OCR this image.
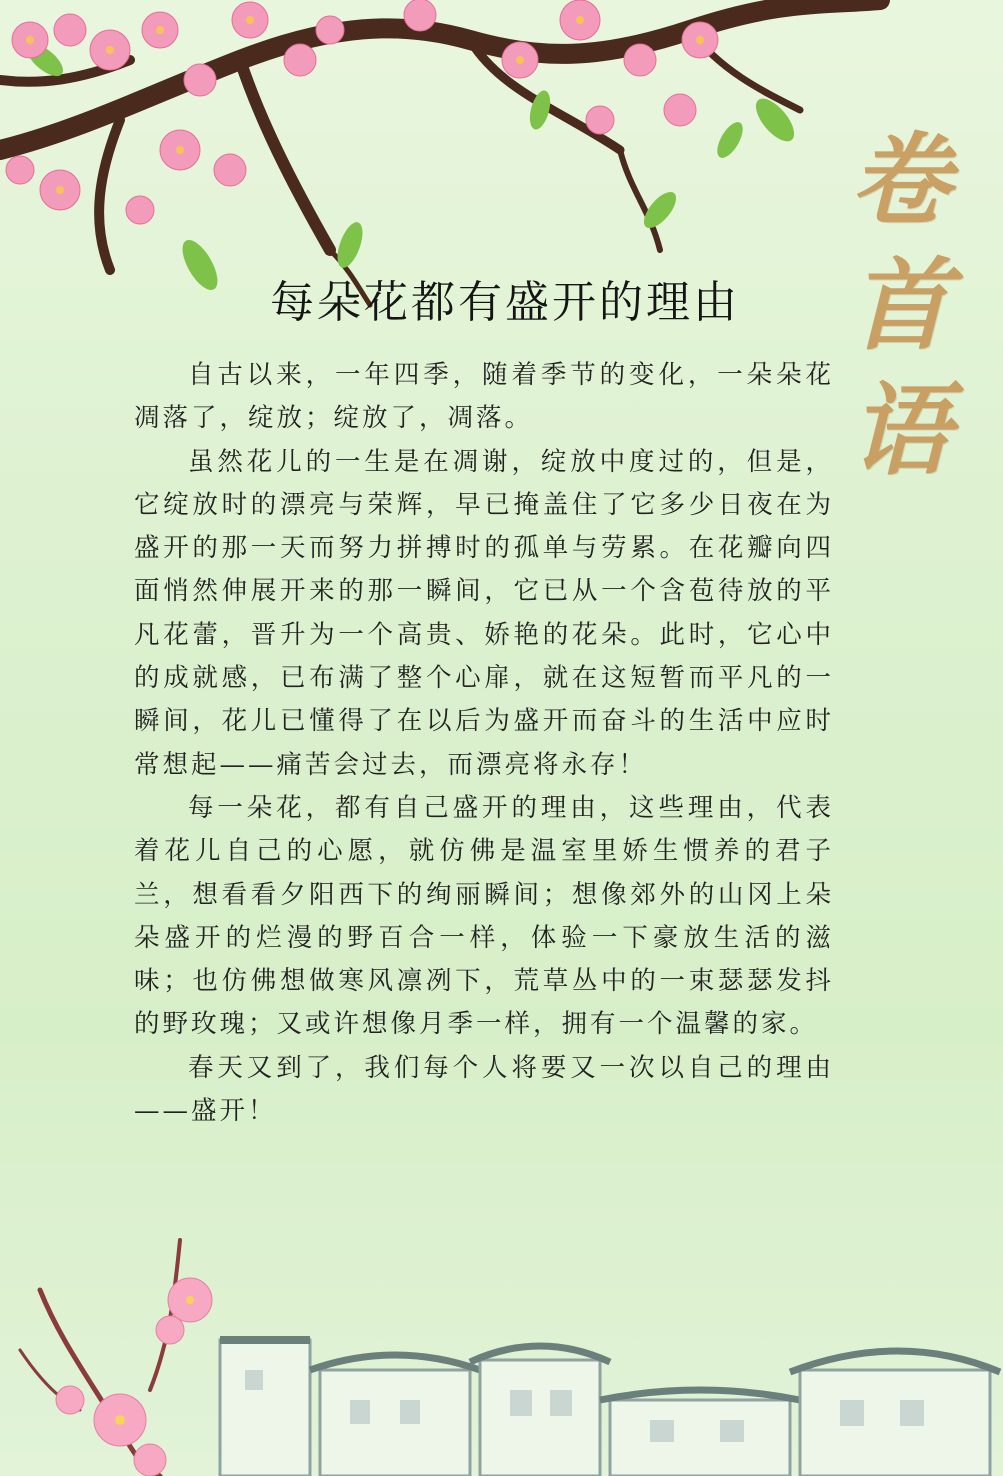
卷
首
语
每朵花都有盛开的理由

自古以来，一年四季，随着季节的变化，一朵朵花凋落了，绽放；绽放了，凋落。

虽然花儿的一生是在凋谢，绽放中度过的，但是，它绽放时的漂亮与荣辉，早已掩盖住了它多少日夜在为盛开的那一天而努力拼搏时的孤单与劳累。在花瓣向四面悄然伸展开来的那一瞬间，它已从一个含苞待放的平凡花蕾，晋升为一个高贵、娇艳的花朵。此时，它心中的成就感，已布满了整个心扉，就在这短暂而平凡的一瞬间，花儿已懂得了在以后为盛开而奋斗的生活中应时常想起——痛苦会过去，而漂亮将永存！

每一朵花，都有自己盛开的理由，这些理由，代表着花儿自己的心愿，就仿佛是温室里娇生惯养的君子兰，想看看夕阳西下的绚丽瞬间；想像郊外的山冈上朵朵盛开的烂漫的野百合一样，体验一下豪放生活的滋味；也仿佛想做寒风凛冽下，荒草丛中的一束瑟瑟发抖的野玫瑰；又或许想像月季一样，拥有一个温馨的家。

春天又到了，我们每个人将要又一次以自己的理由——盛开！
